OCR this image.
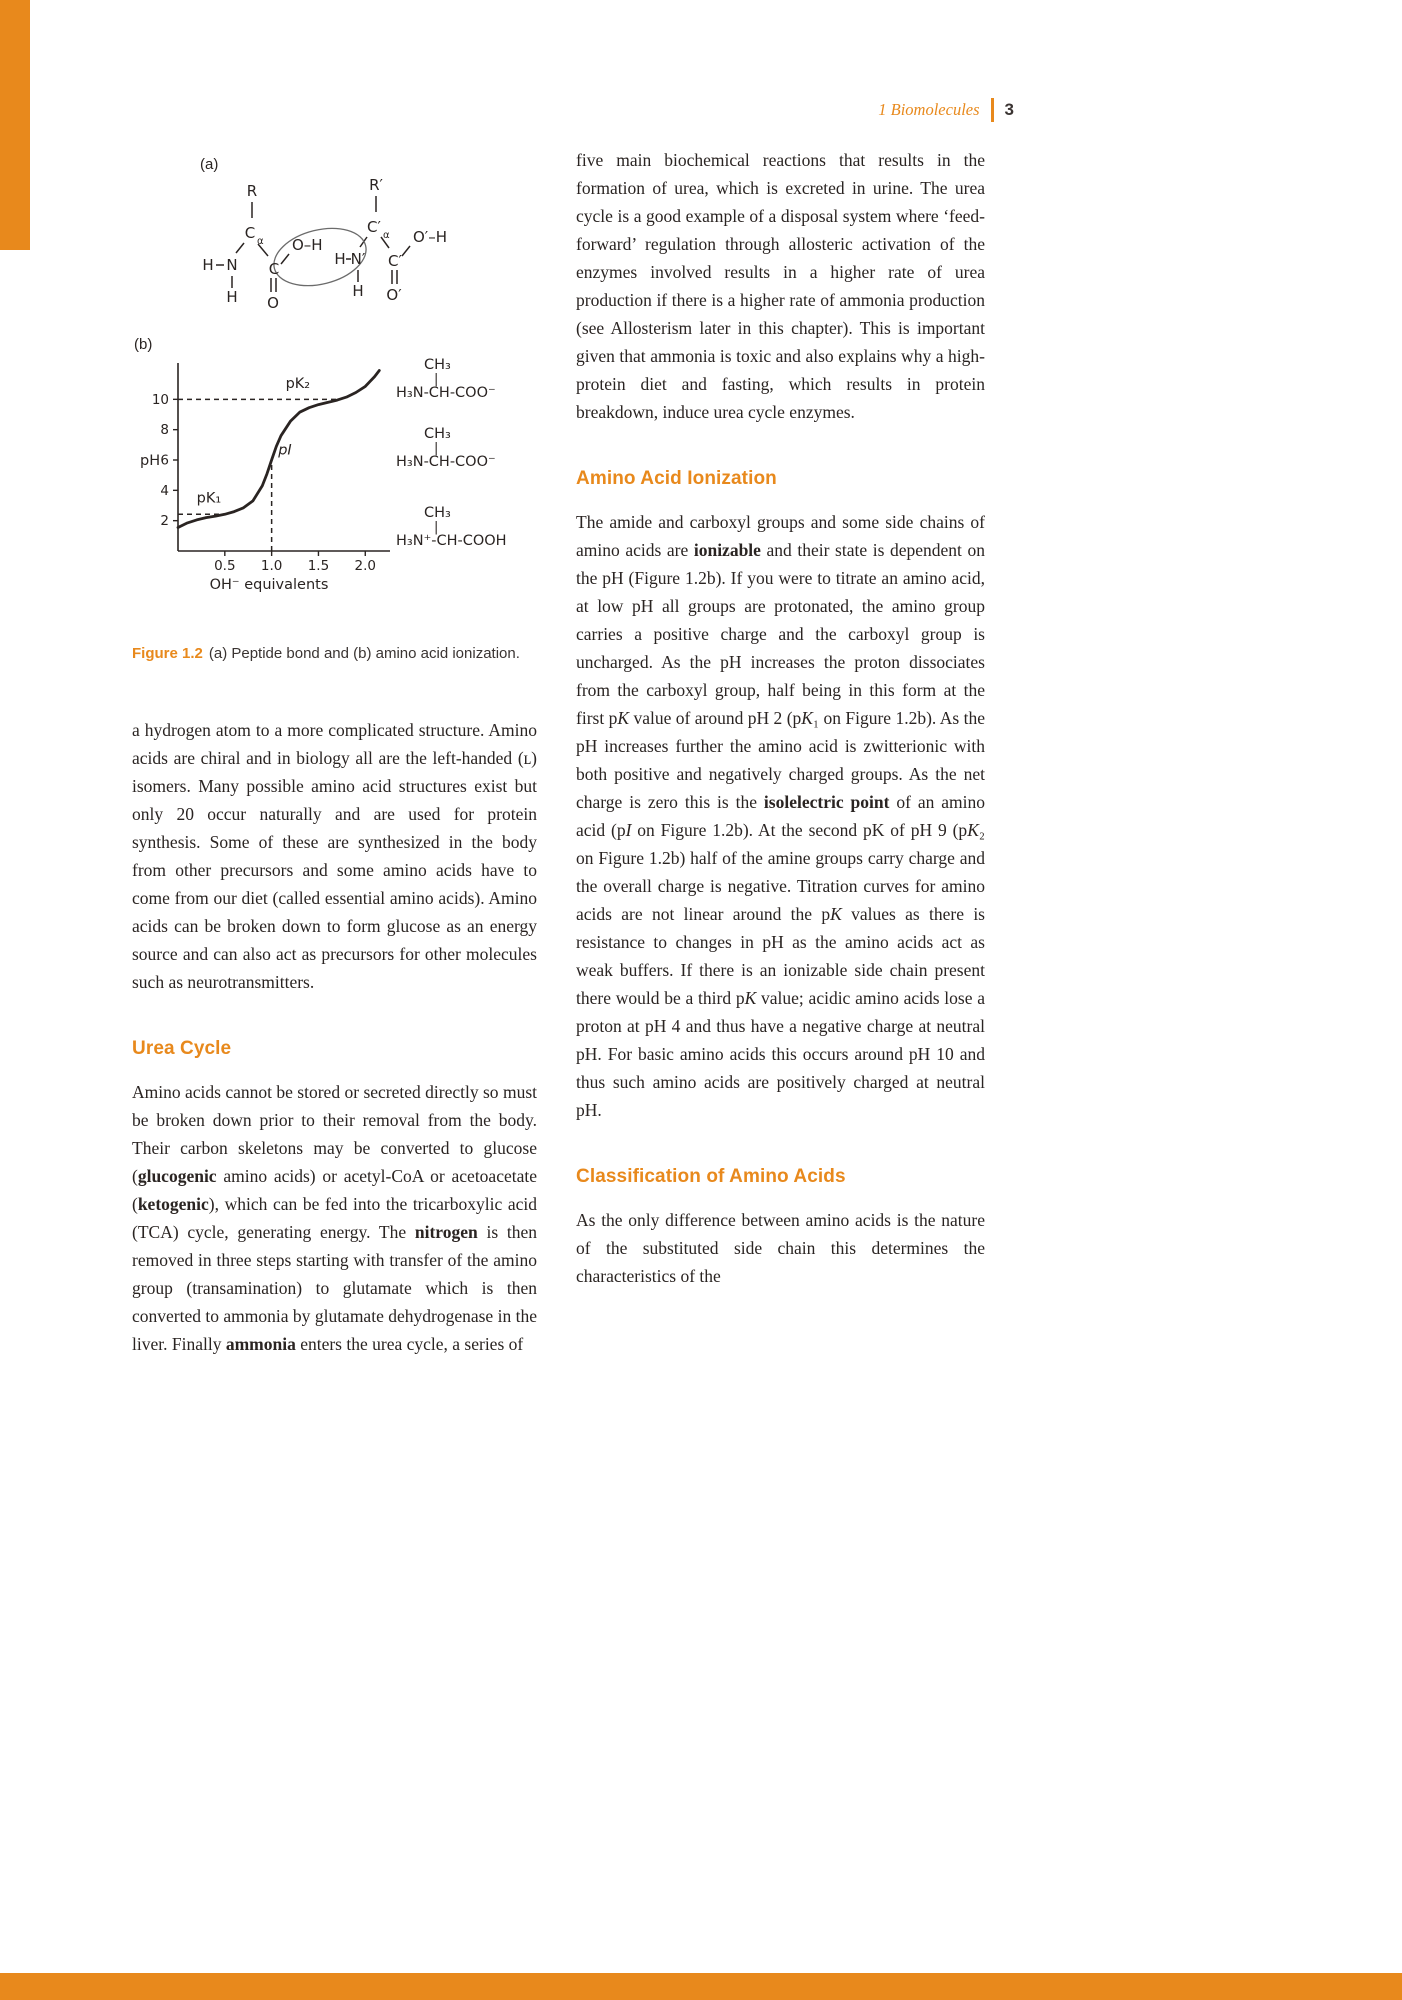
1 Biomolecules 3
(a)
R
C α
H N
H
C
O
O–H
R′
C′ α
H N′
H
C′
O′
O′–H
(b)
2
4
6
8
10
0.5 1.0 1.5 2.0
pK₂
pI
pK₁
pH
OH⁻ equivalents
CH₃
|
H₃N-CH-COO⁻
CH₃
|
H₃N-CH-COO⁻
CH₃
|
H₃N⁺-CH-COOH
Figure 1.2 (a) Peptide bond and (b) amino acid ionization.

a hydrogen atom to a more complicated structure. Amino acids are chiral and in biology all are the left-handed (ʟ) isomers. Many possible amino acid structures exist but only 20 occur naturally and are used for protein synthesis. Some of these are synthesized in the body from other precursors and some amino acids have to come from our diet (called essential amino acids). Amino acids can be broken down to form glucose as an energy source and can also act as precursors for other molecules such as neurotransmitters.

Urea Cycle

Amino acids cannot be stored or secreted directly so must be broken down prior to their removal from the body. Their carbon skeletons may be converted to glucose (glucogenic amino acids) or acetyl-CoA or acetoacetate (ketogenic), which can be fed into the tricarboxylic acid (TCA) cycle, generating energy. The nitrogen is then removed in three steps starting with transfer of the amino group (transamination) to glutamate which is then converted to ammonia by glutamate dehydrogenase in the liver. Finally ammonia enters the urea cycle, a series of

five main biochemical reactions that results in the formation of urea, which is excreted in urine. The urea cycle is a good example of a disposal system where ‘feed-forward’ regulation through allosteric activation of the enzymes involved results in a higher rate of urea production if there is a higher rate of ammonia production (see Allosterism later in this chapter). This is important given that ammonia is toxic and also explains why a high-protein diet and fasting, which results in protein breakdown, induce urea cycle enzymes.

Amino Acid Ionization

The amide and carboxyl groups and some side chains of amino acids are ionizable and their state is dependent on the pH (Figure 1.2b). If you were to titrate an amino acid, at low pH all groups are protonated, the amino group carries a positive charge and the carboxyl group is uncharged. As the pH increases the proton dissociates from the carboxyl group, half being in this form at the first pK value of around pH 2 (pK₁ on Figure 1.2b). As the pH increases further the amino acid is zwitterionic with both positive and negatively charged groups. As the net charge is zero this is the isolelectric point of an amino acid (pI on Figure 1.2b). At the second pK of pH 9 (pK₂ on Figure 1.2b) half of the amine groups carry charge and the overall charge is negative. Titration curves for amino acids are not linear around the pK values as there is resistance to changes in pH as the amino acids act as weak buffers. If there is an ionizable side chain present there would be a third pK value; acidic amino acids lose a proton at pH 4 and thus have a negative charge at neutral pH. For basic amino acids this occurs around pH 10 and thus such amino acids are positively charged at neutral pH.

Classification of Amino Acids

As the only difference between amino acids is the nature of the substituted side chain this determines the characteristics of the
